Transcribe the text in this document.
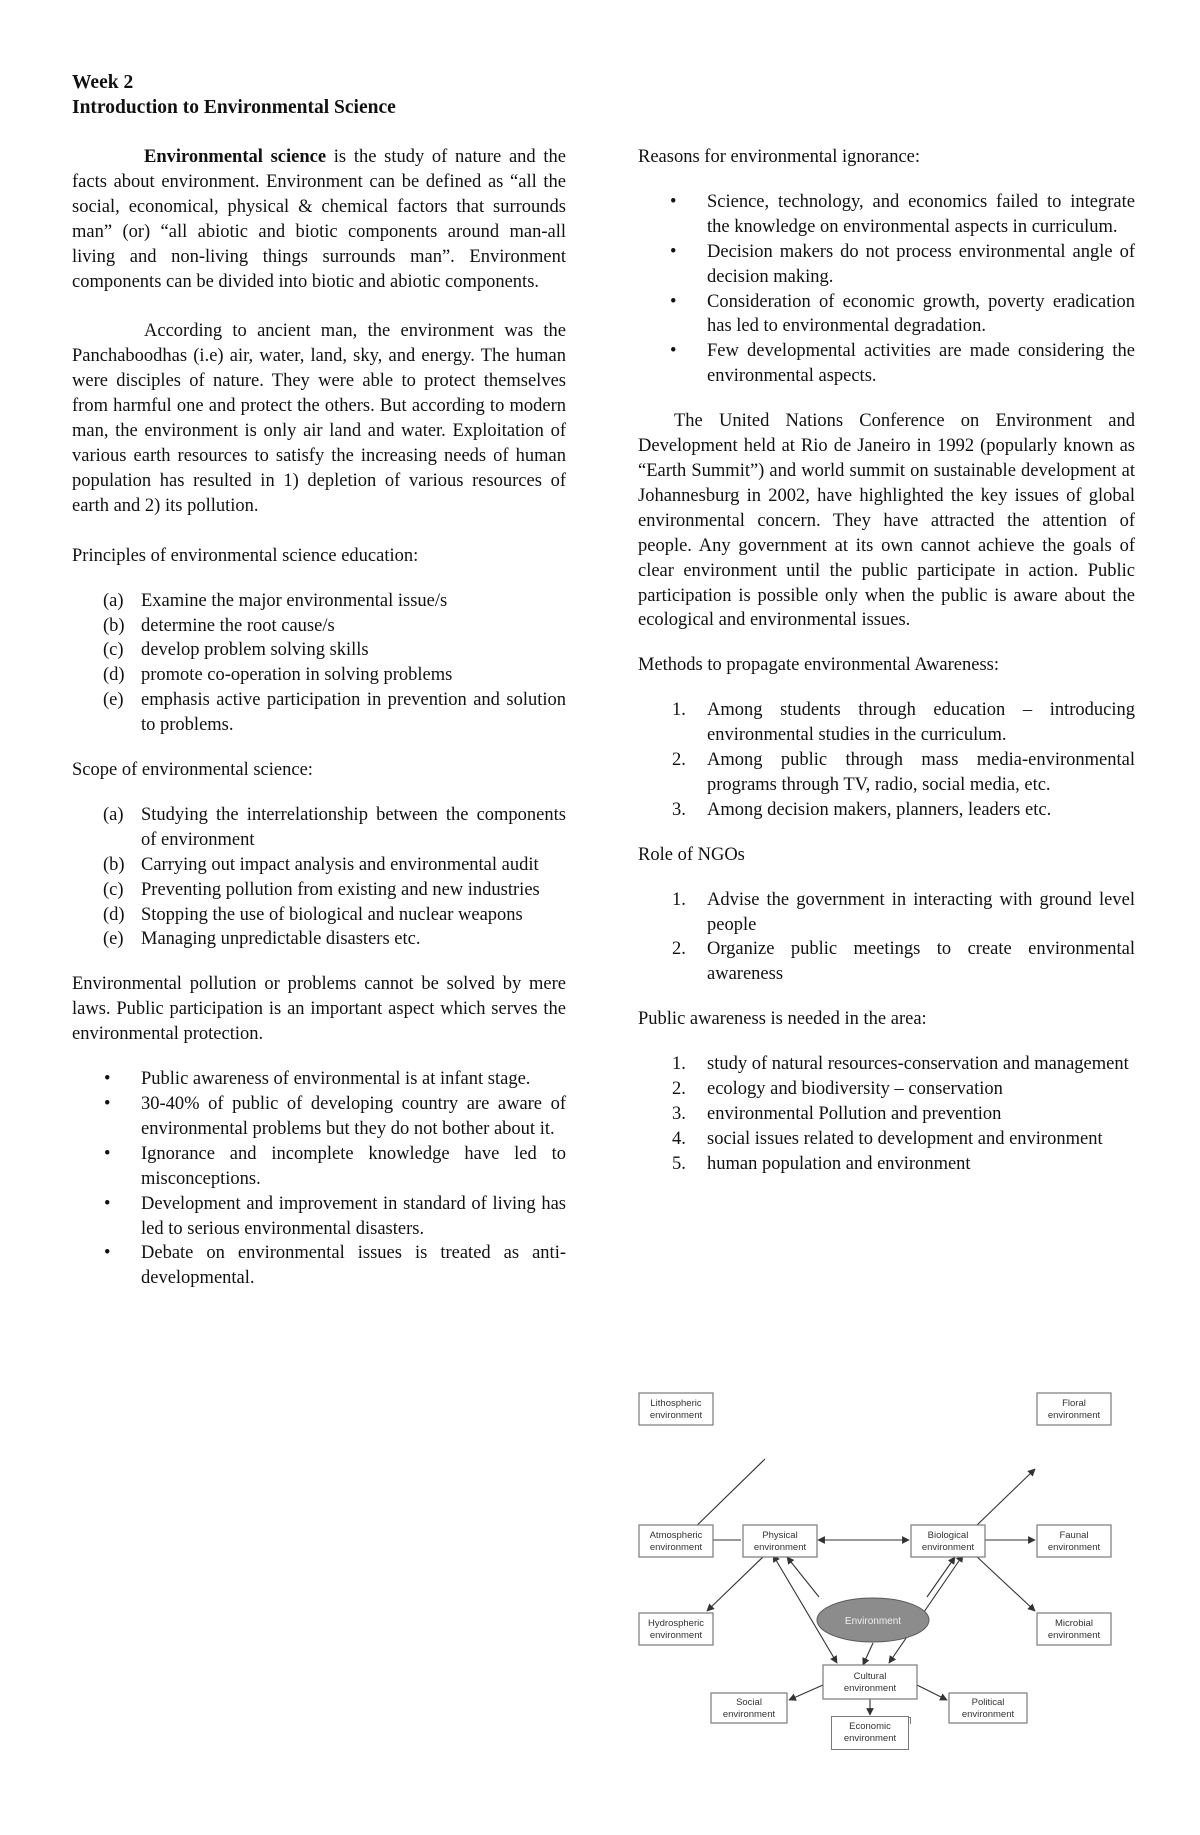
Week 2
Introduction to Environmental Science

Environmental science is the study of nature and the facts about environment. Environment can be defined as “all the social, economical, physical & chemical factors that surrounds man” (or) “all abiotic and biotic components around man-all living and non-living things surrounds man”. Environment components can be divided into biotic and abiotic components.

According to ancient man, the environment was the Panchaboodhas (i.e) air, water, land, sky, and energy. The human were disciples of nature. They were able to protect themselves from harmful one and protect the others. But according to modern man, the environment is only air land and water. Exploitation of various earth resources to satisfy the increasing needs of human population has resulted in 1) depletion of various resources of earth and 2) its pollution.

Principles of environmental science education:

(a) Examine the major environmental issue/s
(b) determine the root cause/s
(c) develop problem solving skills
(d) promote co-operation in solving problems
(e) emphasis active participation in prevention and solution to problems.

Scope of environmental science:

(a) Studying the interrelationship between the components of environment
(b) Carrying out impact analysis and environmental audit
(c) Preventing pollution from existing and new industries
(d) Stopping the use of biological and nuclear weapons
(e) Managing unpredictable disasters etc.

Environmental pollution or problems cannot be solved by mere laws. Public participation is an important aspect which serves the environmental protection.

• Public awareness of environmental is at infant stage.
• 30-40% of public of developing country are aware of environmental problems but they do not bother about it.
• Ignorance and incomplete knowledge have led to misconceptions.
• Development and improvement in standard of living has led to serious environmental disasters.
• Debate on environmental issues is treated as anti-developmental.

Reasons for environmental ignorance:

• Science, technology, and economics failed to integrate the knowledge on environmental aspects in curriculum.
• Decision makers do not process environmental angle of decision making.
• Consideration of economic growth, poverty eradication has led to environmental degradation.
• Few developmental activities are made considering the environmental aspects.

The United Nations Conference on Environment and Development held at Rio de Janeiro in 1992 (popularly known as “Earth Summit”) and world summit on sustainable development at Johannesburg in 2002, have highlighted the key issues of global environmental concern. They have attracted the attention of people. Any government at its own cannot achieve the goals of clear environment until the public participate in action. Public participation is possible only when the public is aware about the ecological and environmental issues.

Methods to propagate environmental Awareness:

1.	Among students through education – introducing environmental studies in the curriculum.
2.	Among public through mass media-environmental programs through TV, radio, social media, etc.
3.	Among decision makers, planners, leaders etc.

Role of NGOs

1.	Advise the government in interacting with ground level people
2.	Organize public meetings to create environmental awareness

Public awareness is needed in the area:

1.	study of natural resources-conservation and management
2.	ecology and biodiversity – conservation
3.	environmental Pollution and prevention
4.	social issues related to development and environment
5.	human population and environment
Lithospheric
environment
Atmospheric
environment
Hydrospheric
environment
Physical
environment
Biological
environment
Floral
environment
Faunal
environment
Microbial
environment
Environment
Cultural
environment
Social
environment
Political
environment
Economic
environment
